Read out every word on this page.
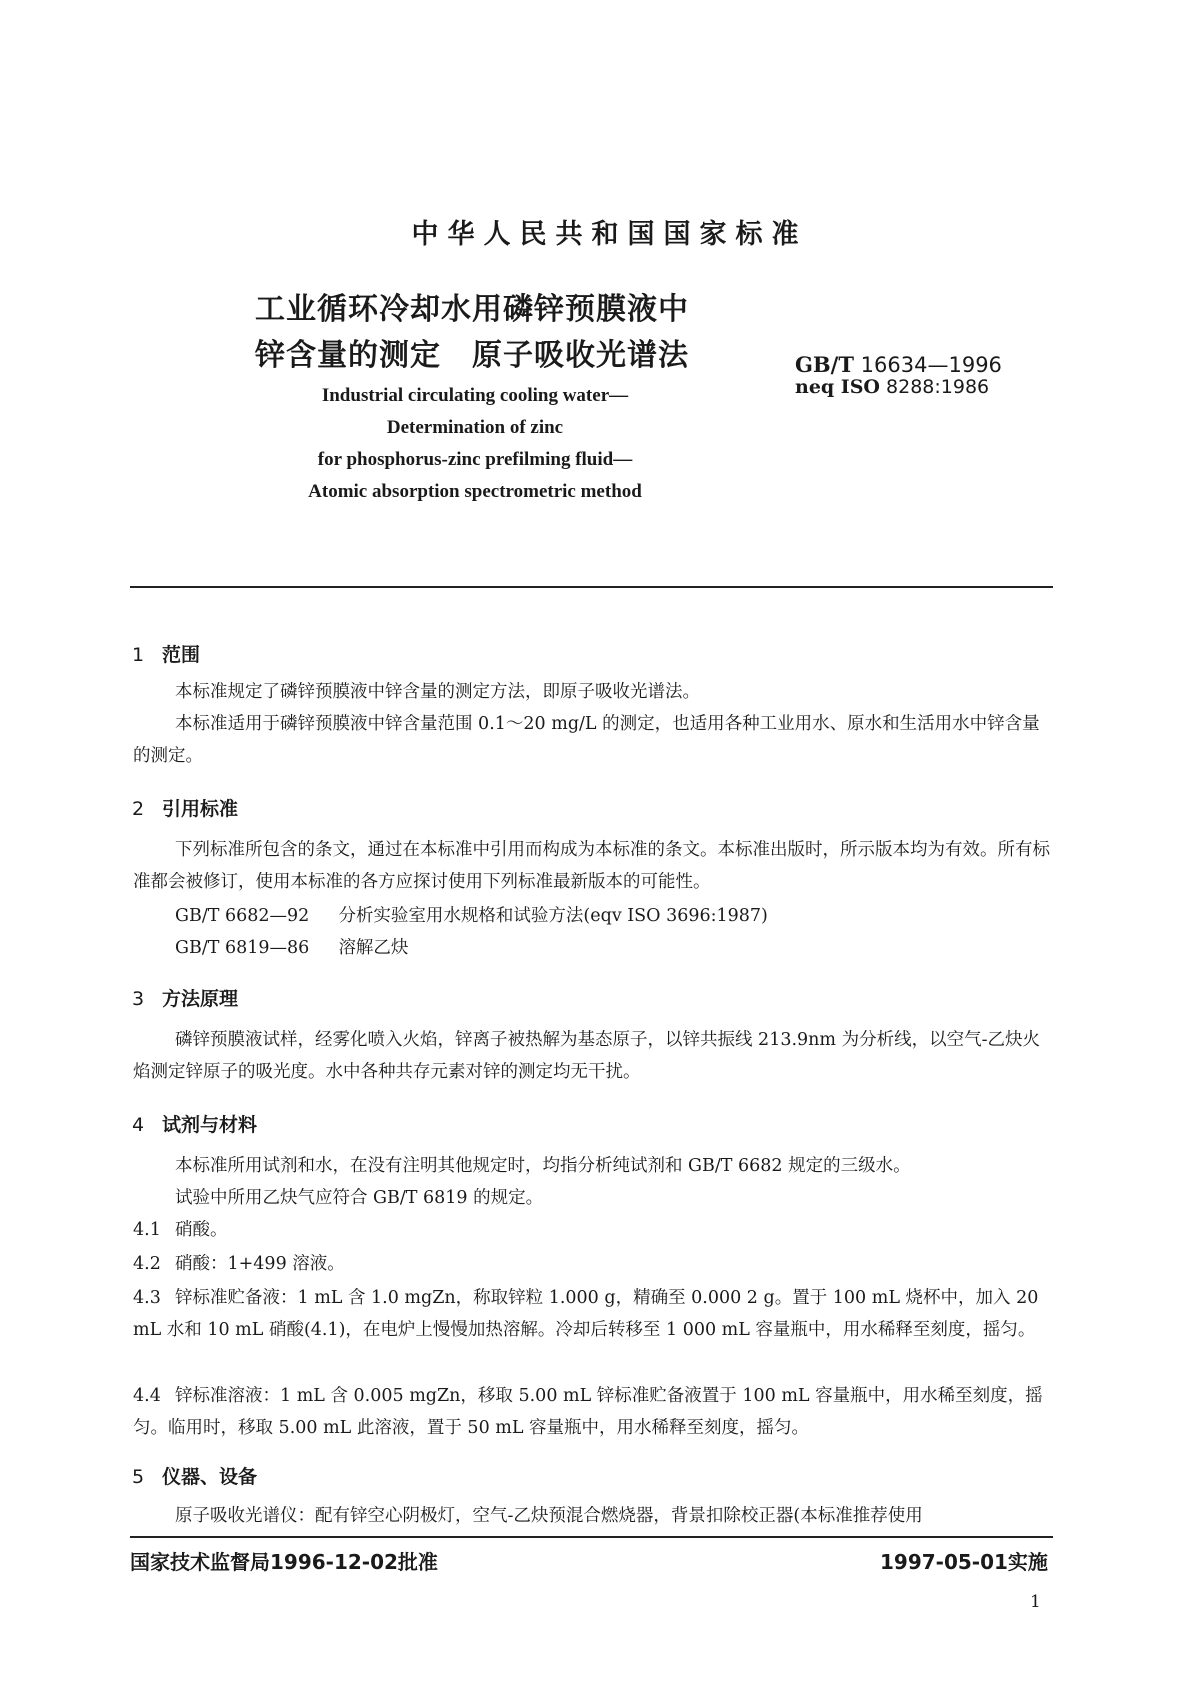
中华人民共和国国家标准
工业循环冷却水用磷锌预膜液中
锌含量的测定　原子吸收光谱法	GB/T 16634—1996
neq ISO 8288:1986
Industrial circulating cooling water—
Determination of zinc
for phosphorus-zinc prefilming fluid—
Atomic absorption spectrometric method
1 范围
本标准规定了磷锌预膜液中锌含量的测定方法，即原子吸收光谱法。
本标准适用于磷锌预膜液中锌含量范围 0.1～20 mg/L 的测定，也适用各种工业用水、原水和生活用水中锌含量的测定。
2 引用标准
下列标准所包含的条文，通过在本标准中引用而构成为本标准的条文。本标准出版时，所示版本均为有效。所有标准都会被修订，使用本标准的各方应探讨使用下列标准最新版本的可能性。
GB/T 6682—92 分析实验室用水规格和试验方法(eqv ISO 3696:1987)
GB/T 6819—86 溶解乙炔
3 方法原理
磷锌预膜液试样，经雾化喷入火焰，锌离子被热解为基态原子，以锌共振线 213.9nm 为分析线，以空气-乙炔火焰测定锌原子的吸光度。水中各种共存元素对锌的测定均无干扰。
4 试剂与材料
本标准所用试剂和水，在没有注明其他规定时，均指分析纯试剂和 GB/T 6682 规定的三级水。
试验中所用乙炔气应符合 GB/T 6819 的规定。
4.1 硝酸。
4.2 硝酸：1+499 溶液。
4.3 锌标准贮备液：1 mL 含 1.0 mgZn，称取锌粒 1.000 g，精确至 0.000 2 g。置于 100 mL 烧杯中，加入 20 mL 水和 10 mL 硝酸(4.1)，在电炉上慢慢加热溶解。冷却后转移至 1 000 mL 容量瓶中，用水稀释至刻度，摇匀。
4.4 锌标准溶液：1 mL 含 0.005 mgZn，移取 5.00 mL 锌标准贮备液置于 100 mL 容量瓶中，用水稀至刻度，摇匀。临用时，移取 5.00 mL 此溶液，置于 50 mL 容量瓶中，用水稀释至刻度，摇匀。
5 仪器、设备
原子吸收光谱仪：配有锌空心阴极灯，空气-乙炔预混合燃烧器，背景扣除校正器(本标准推荐使用
国家技术监督局1996-12-02批准	1997-05-01实施
1
